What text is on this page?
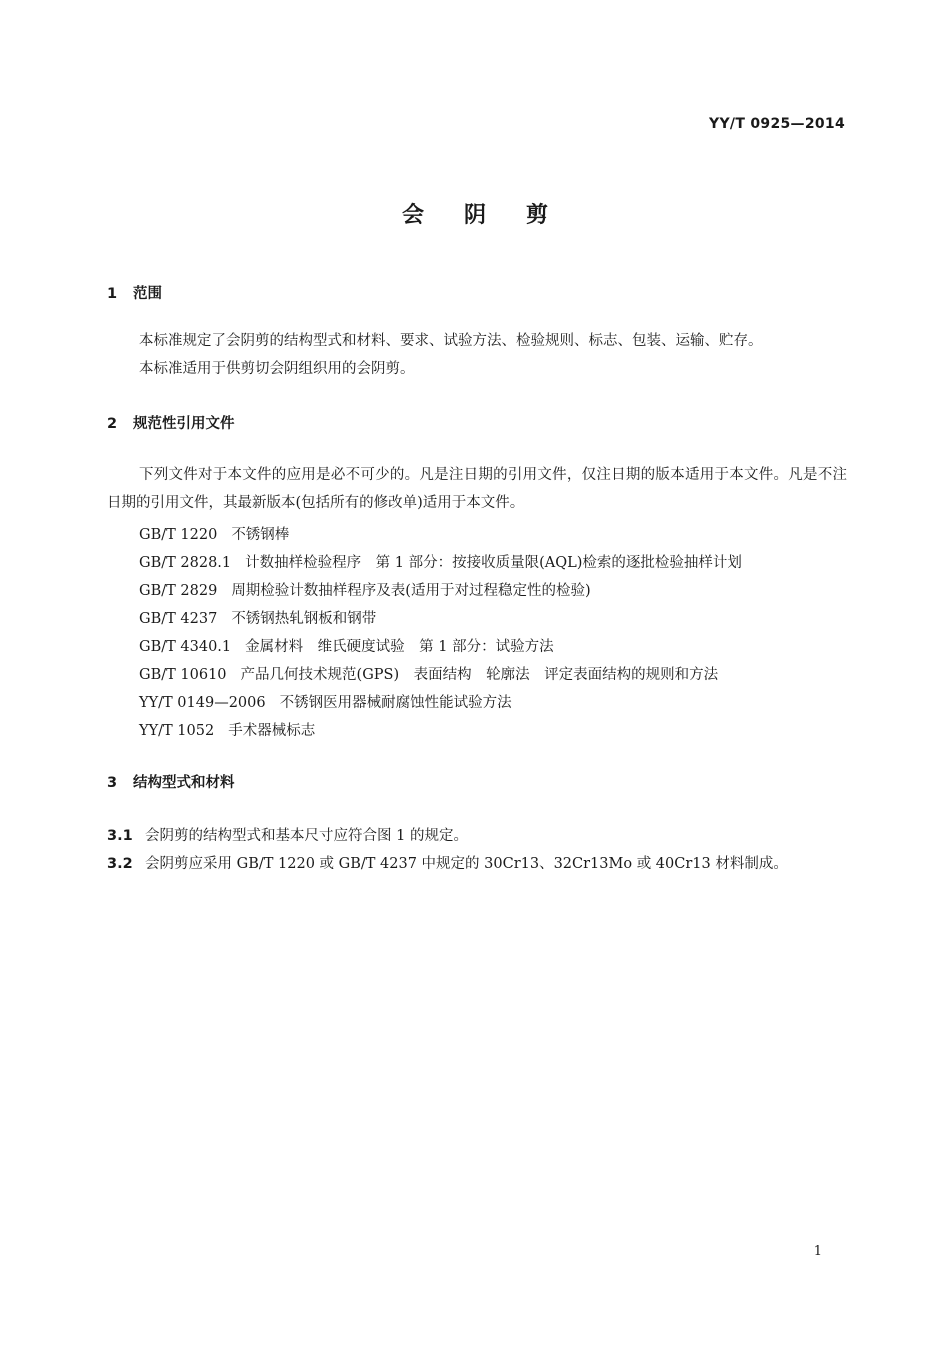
YY/T 0925—2014
会阴剪
1 范围
本标准规定了会阴剪的结构型式和材料、要求、试验方法、检验规则、标志、包装、运输、贮存。
本标准适用于供剪切会阴组织用的会阴剪。
2 规范性引用文件
下列文件对于本文件的应用是必不可少的。凡是注日期的引用文件，仅注日期的版本适用于本文件。凡是不注日期的引用文件，其最新版本(包括所有的修改单)适用于本文件。
GB/T 1220 不锈钢棒
GB/T 2828.1 计数抽样检验程序　第 1 部分：按接收质量限(AQL)检索的逐批检验抽样计划
GB/T 2829 周期检验计数抽样程序及表(适用于对过程稳定性的检验)
GB/T 4237 不锈钢热轧钢板和钢带
GB/T 4340.1 金属材料　维氏硬度试验　第 1 部分：试验方法
GB/T 10610 产品几何技术规范(GPS)　表面结构　轮廓法　评定表面结构的规则和方法
YY/T 0149—2006 不锈钢医用器械耐腐蚀性能试验方法
YY/T 1052 手术器械标志
3 结构型式和材料
3.1 会阴剪的结构型式和基本尺寸应符合图 1 的规定。
3.2 会阴剪应采用 GB/T 1220 或 GB/T 4237 中规定的 30Cr13、32Cr13Mo 或 40Cr13 材料制成。
1
